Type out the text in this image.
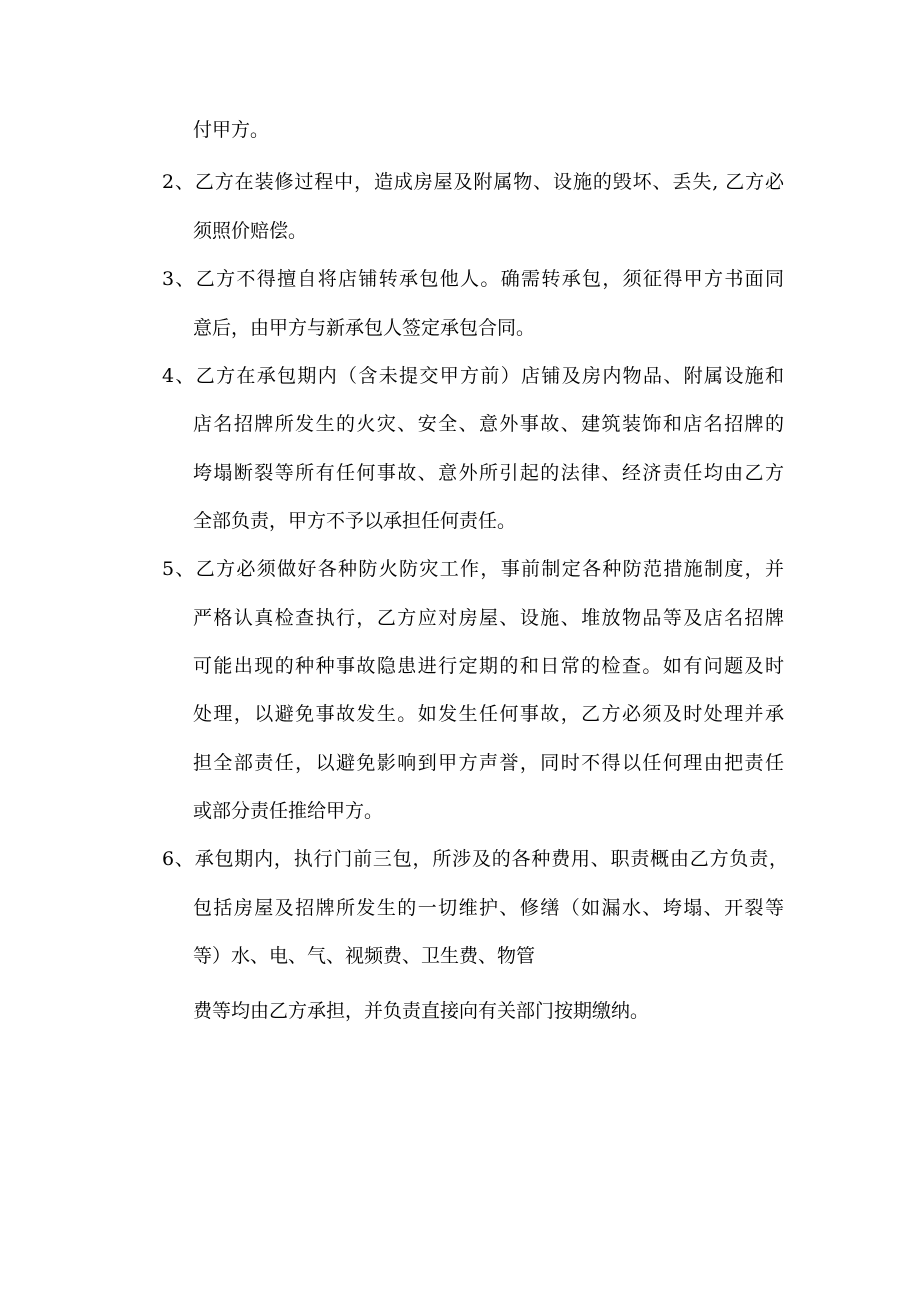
付甲方。

2、乙方在装修过程中，造成房屋及附属物、设施的毁坏、丢失, 乙方必

须照价赔偿。

3、乙方不得擅自将店铺转承包他人。确需转承包，须征得甲方书面同

意后，由甲方与新承包人签定承包合同。

4、乙方在承包期内（含未提交甲方前）店铺及房内物品、附属设施和

店名招牌所发生的火灾、安全、意外事故、建筑装饰和店名招牌的

垮塌断裂等所有任何事故、意外所引起的法律、经济责任均由乙方

全部负责，甲方不予以承担任何责任。

5、乙方必须做好各种防火防灾工作，事前制定各种防范措施制度，并

严格认真检查执行，乙方应对房屋、设施、堆放物品等及店名招牌

可能出现的种种事故隐患进行定期的和日常的检查。如有问题及时

处理，以避免事故发生。如发生任何事故，乙方必须及时处理并承

担全部责任，以避免影响到甲方声誉，同时不得以任何理由把责任

或部分责任推给甲方。

6、承包期内，执行门前三包，所涉及的各种费用、职责概由乙方负责，

包括房屋及招牌所发生的一切维护、修缮（如漏水、垮塌、开裂等

等）水、电、气、视频费、卫生费、物管

费等均由乙方承担，并负责直接向有关部门按期缴纳。
